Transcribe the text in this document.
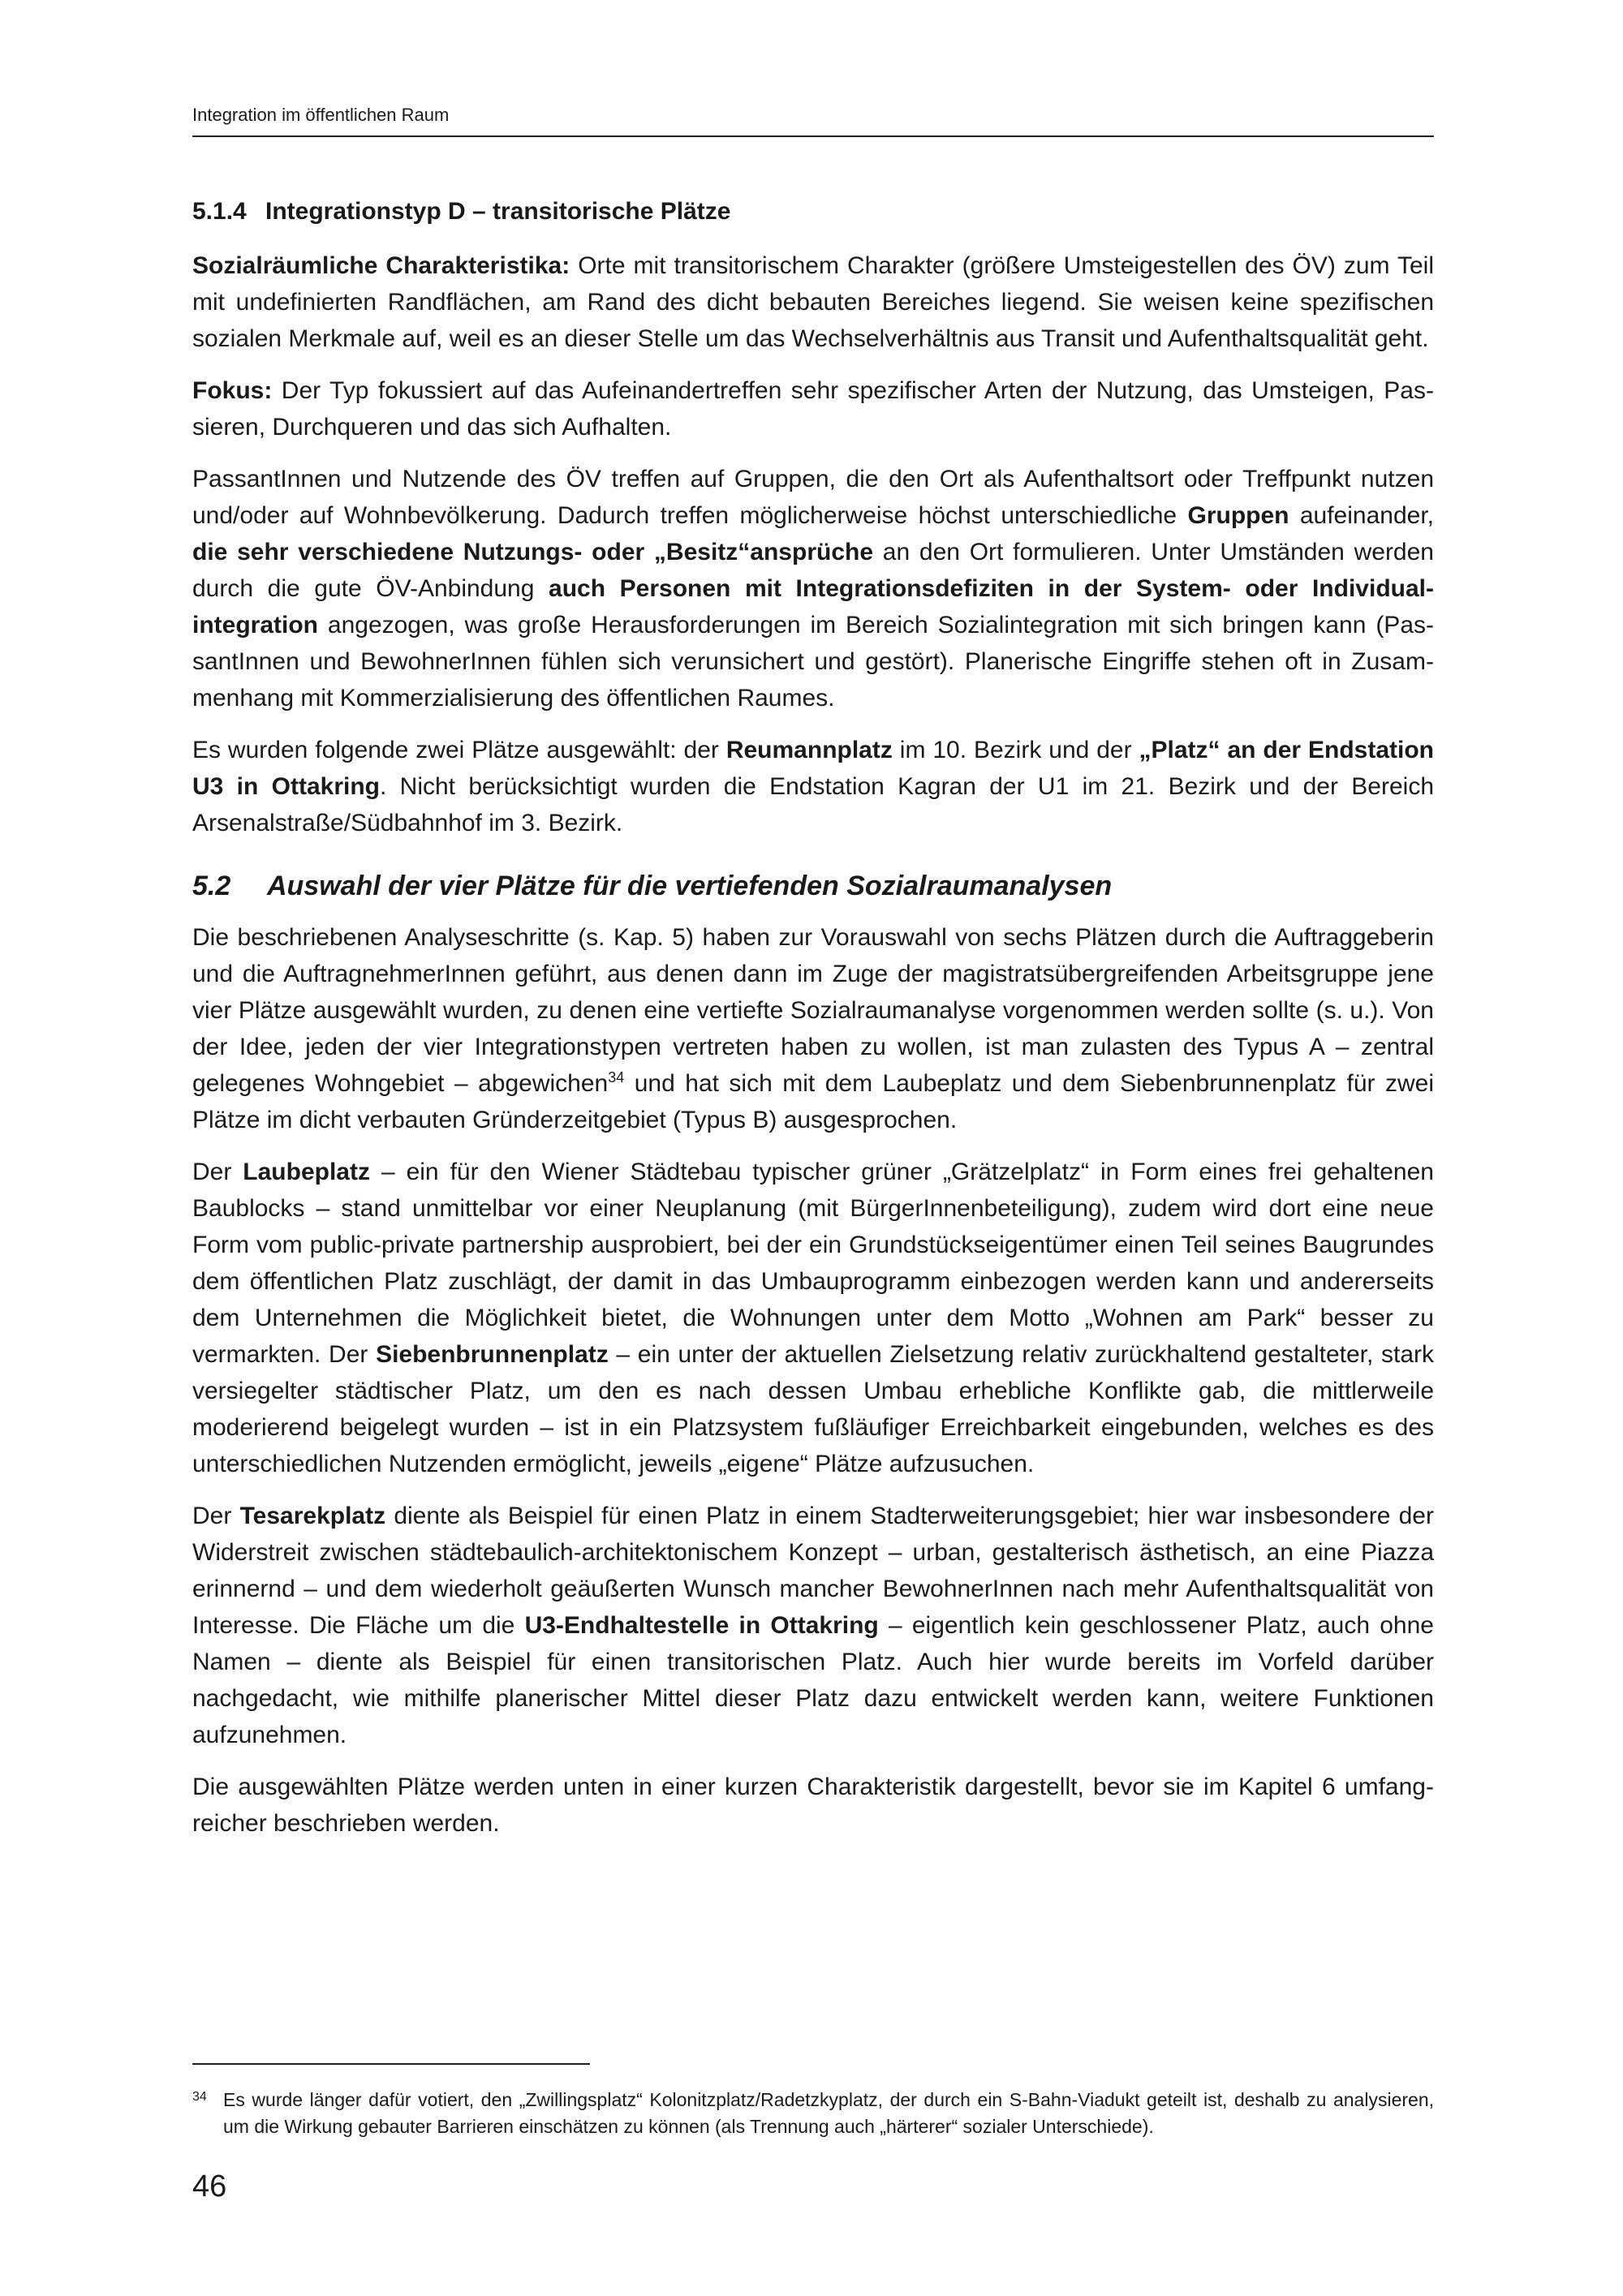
Integration im öffentlichen Raum
5.1.4 Integrationstyp D – transitorische Plätze

Sozialräumliche Charakteristika: Orte mit transitorischem Charakter (größere Umsteigestellen des ÖV) zum Teil mit undefinierten Randflächen, am Rand des dicht bebauten Bereiches liegend. Sie weisen keine spezifischen sozialen Merkmale auf, weil es an dieser Stelle um das Wechselverhältnis aus Transit und Aufenthaltsqualität geht.

Fokus: Der Typ fokussiert auf das Aufeinandertreffen sehr spezifischer Arten der Nutzung, das Umsteigen, Passieren, Durchqueren und das sich Aufhalten.

PassantInnen und Nutzende des ÖV treffen auf Gruppen, die den Ort als Aufenthaltsort oder Treffpunkt nutzen und/oder auf Wohnbevölkerung. Dadurch treffen möglicherweise höchst unterschiedliche Gruppen aufeinander, die sehr verschiedene Nutzungs- oder „Besitz“ansprüche an den Ort formulieren. Unter Umständen werden durch die gute ÖV-Anbindung auch Personen mit Integrationsdefiziten in der System- oder Individualintegration angezogen, was große Herausforderungen im Bereich Sozialintegration mit sich bringen kann (PassantInnen und BewohnerInnen fühlen sich verunsichert und gestört). Planerische Eingriffe stehen oft in Zusammenhang mit Kommerzialisierung des öffentlichen Raumes.

Es wurden folgende zwei Plätze ausgewählt: der Reumannplatz im 10. Bezirk und der „Platz“ an der Endstation U3 in Ottakring. Nicht berücksichtigt wurden die Endstation Kagran der U1 im 21. Bezirk und der Bereich Arsenalstraße/Südbahnhof im 3. Bezirk.

5.2 Auswahl der vier Plätze für die vertiefenden Sozialraumanalysen

Die beschriebenen Analyseschritte (s. Kap. 5) haben zur Vorauswahl von sechs Plätzen durch die Auftraggeberin und die AuftragnehmerInnen geführt, aus denen dann im Zuge der magistratsübergreifenden Arbeitsgruppe jene vier Plätze ausgewählt wurden, zu denen eine vertiefte Sozialraumanalyse vorgenommen werden sollte (s. u.). Von der Idee, jeden der vier Integrationstypen vertreten haben zu wollen, ist man zulasten des Typus A – zentral gelegenes Wohngebiet – abgewichen$^{34}$ und hat sich mit dem Laubeplatz und dem Siebenbrunnenplatz für zwei Plätze im dicht verbauten Gründerzeitgebiet (Typus B) ausgesprochen.

Der Laubeplatz – ein für den Wiener Städtebau typischer grüner „Grätzelplatz“ in Form eines frei gehaltenen Baublocks – stand unmittelbar vor einer Neuplanung (mit BürgerInnenbeteiligung), zudem wird dort eine neue Form vom public-private partnership ausprobiert, bei der ein Grundstückseigentümer einen Teil seines Baugrundes dem öffentlichen Platz zuschlägt, der damit in das Umbauprogramm einbezogen werden kann und andererseits dem Unternehmen die Möglichkeit bietet, die Wohnungen unter dem Motto „Wohnen am Park“ besser zu vermarkten. Der Siebenbrunnenplatz – ein unter der aktuellen Zielsetzung relativ zurückhaltend gestalteter, stark versiegelter städtischer Platz, um den es nach dessen Umbau erhebliche Konflikte gab, die mittlerweile moderierend beigelegt wurden – ist in ein Platzsystem fußläufiger Erreichbarkeit eingebunden, welches es des unterschiedlichen Nutzenden ermöglicht, jeweils „eigene“ Plätze aufzusuchen.

Der Tesarekplatz diente als Beispiel für einen Platz in einem Stadterweiterungsgebiet; hier war insbesondere der Widerstreit zwischen städtebaulich-architektonischem Konzept – urban, gestalterisch ästhetisch, an eine Piazza erinnernd – und dem wiederholt geäußerten Wunsch mancher BewohnerInnen nach mehr Aufenthaltsqualität von Interesse. Die Fläche um die U3-Endhaltestelle in Ottakring – eigentlich kein geschlossener Platz, auch ohne Namen – diente als Beispiel für einen transitorischen Platz. Auch hier wurde bereits im Vorfeld darüber nachgedacht, wie mithilfe planerischer Mittel dieser Platz dazu entwickelt werden kann, weitere Funktionen aufzunehmen.

Die ausgewählten Plätze werden unten in einer kurzen Charakteristik dargestellt, bevor sie im Kapitel 6 umfangreicher beschrieben werden.

34 Es wurde länger dafür votiert, den „Zwillingsplatz“ Kolonitzplatz/Radetzkyplatz, der durch ein S-Bahn-Viadukt geteilt ist, deshalb zu analysieren, um die Wirkung gebauter Barrieren einschätzen zu können (als Trennung auch „härterer“ sozialer Unterschiede).
46
